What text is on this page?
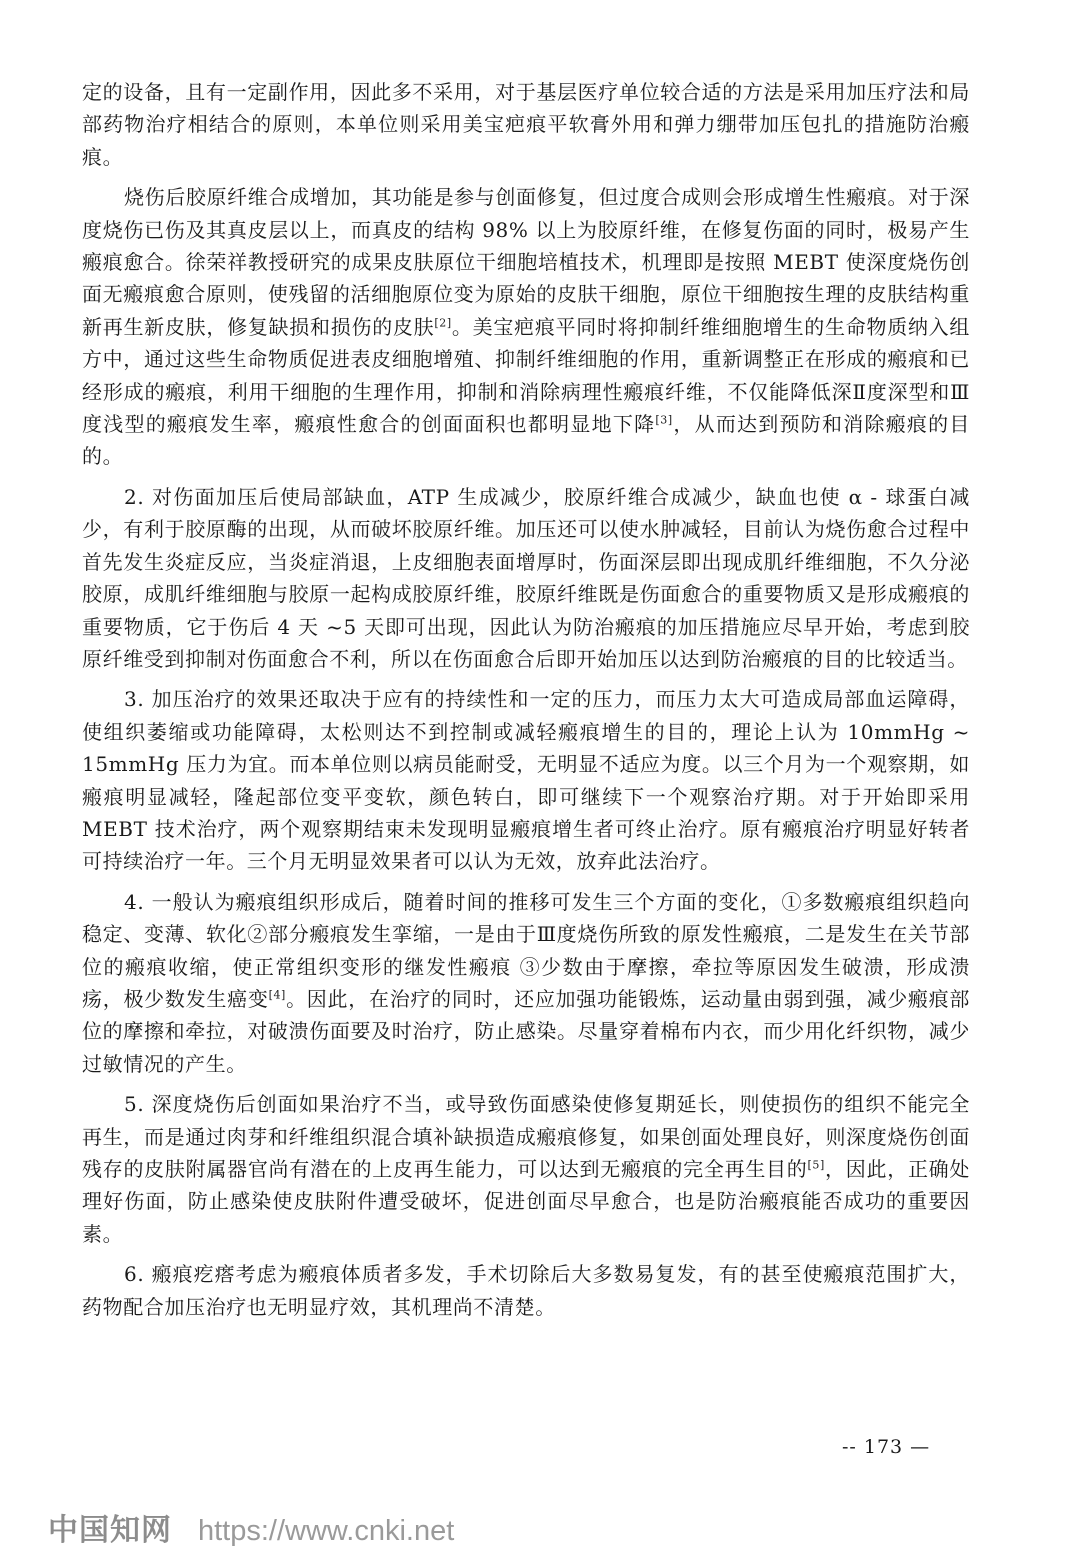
定的设备，且有一定副作用，因此多不采用，对于基层医疗单位较合适的方法是采用加压疗法和局部药物治疗相结合的原则，本单位则采用美宝疤痕平软膏外用和弹力绷带加压包扎的措施防治瘢痕。

烧伤后胶原纤维合成增加，其功能是参与创面修复，但过度合成则会形成增生性瘢痕。对于深度烧伤已伤及其真皮层以上，而真皮的结构 98% 以上为胶原纤维，在修复伤面的同时，极易产生瘢痕愈合。徐荣祥教授研究的成果皮肤原位干细胞培植技术，机理即是按照 MEBT 使深度烧伤创面无瘢痕愈合原则，使残留的活细胞原位变为原始的皮肤干细胞，原位干细胞按生理的皮肤结构重新再生新皮肤，修复缺损和损伤的皮肤[2]。美宝疤痕平同时将抑制纤维细胞增生的生命物质纳入组方中，通过这些生命物质促进表皮细胞增殖、抑制纤维细胞的作用，重新调整正在形成的瘢痕和已经形成的瘢痕，利用干细胞的生理作用，抑制和消除病理性瘢痕纤维，不仅能降低深Ⅱ度深型和Ⅲ度浅型的瘢痕发生率，瘢痕性愈合的创面面积也都明显地下降[3]，从而达到预防和消除瘢痕的目的。

2. 对伤面加压后使局部缺血，ATP 生成减少，胶原纤维合成减少，缺血也使 α - 球蛋白减少，有利于胶原酶的出现，从而破坏胶原纤维。加压还可以使水肿减轻，目前认为烧伤愈合过程中首先发生炎症反应，当炎症消退，上皮细胞表面增厚时，伤面深层即出现成肌纤维细胞，不久分泌胶原，成肌纤维细胞与胶原一起构成胶原纤维，胶原纤维既是伤面愈合的重要物质又是形成瘢痕的重要物质，它于伤后 4 天 ~5 天即可出现，因此认为防治瘢痕的加压措施应尽早开始，考虑到胶原纤维受到抑制对伤面愈合不利，所以在伤面愈合后即开始加压以达到防治瘢痕的目的比较适当。

3. 加压治疗的效果还取决于应有的持续性和一定的压力，而压力太大可造成局部血运障碍，使组织萎缩或功能障碍，太松则达不到控制或减轻瘢痕增生的目的，理论上认为 10mmHg ~ 15mmHg 压力为宜。而本单位则以病员能耐受，无明显不适应为度。以三个月为一个观察期，如瘢痕明显减轻，隆起部位变平变软，颜色转白，即可继续下一个观察治疗期。对于开始即采用 MEBT 技术治疗，两个观察期结束未发现明显瘢痕增生者可终止治疗。原有瘢痕治疗明显好转者可持续治疗一年。三个月无明显效果者可以认为无效，放弃此法治疗。

4. 一般认为瘢痕组织形成后，随着时间的推移可发生三个方面的变化，①多数瘢痕组织趋向稳定、变薄、软化②部分瘢痕发生挛缩，一是由于Ⅲ度烧伤所致的原发性瘢痕，二是发生在关节部位的瘢痕收缩，使正常组织变形的继发性瘢痕 ③少数由于摩擦，牵拉等原因发生破溃，形成溃疡，极少数发生癌变[4]。因此，在治疗的同时，还应加强功能锻炼，运动量由弱到强，减少瘢痕部位的摩擦和牵拉，对破溃伤面要及时治疗，防止感染。尽量穿着棉布内衣，而少用化纤织物，减少过敏情况的产生。

5. 深度烧伤后创面如果治疗不当，或导致伤面感染使修复期延长，则使损伤的组织不能完全再生，而是通过肉芽和纤维组织混合填补缺损造成瘢痕修复，如果创面处理良好，则深度烧伤创面残存的皮肤附属器官尚有潜在的上皮再生能力，可以达到无瘢痕的完全再生目的[5]，因此，正确处理好伤面，防止感染使皮肤附件遭受破坏，促进创面尽早愈合，也是防治瘢痕能否成功的重要因素。

6. 瘢痕疙瘩考虑为瘢痕体质者多发，手术切除后大多数易复发，有的甚至使瘢痕范围扩大，药物配合加压治疗也无明显疗效，其机理尚不清楚。

-- 173 —
中国知网 https://www.cnki.net
